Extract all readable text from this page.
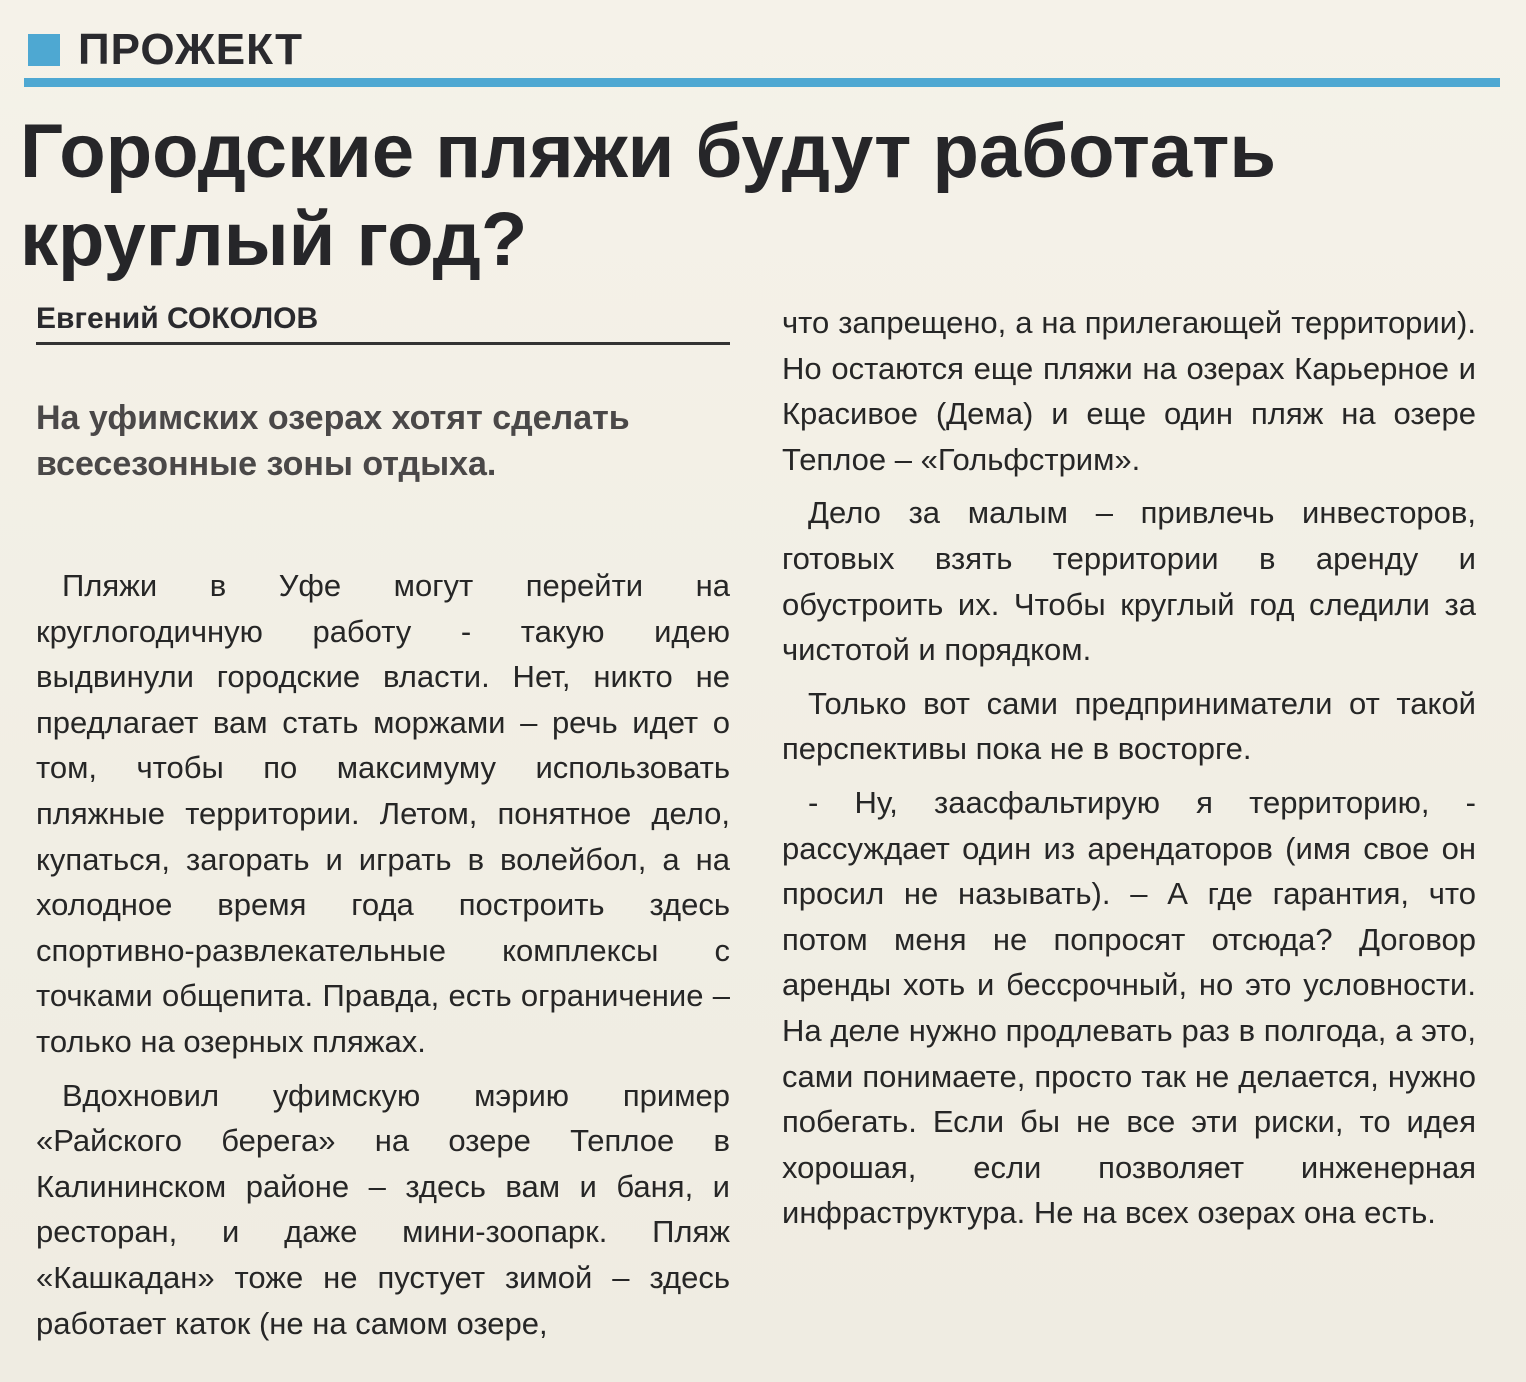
ПРОЖЕКТ
Городские пляжи будут работать круглый год?
Евгений СОКОЛОВ
На уфимских озерах хотят сделать всесезонные зоны отдыха.

Пляжи в Уфе могут перейти на круглогодичную работу - такую идею выдвинули городские власти. Нет, никто не предлагает вам стать моржами – речь идет о том, чтобы по максимуму использовать пляжные территории. Летом, понятное дело, купаться, загорать и играть в волейбол, а на холодное время года построить здесь спортивно-развлекательные комплексы с точками общепита. Правда, есть ограничение – только на озерных пляжах.

Вдохновил уфимскую мэрию пример «Райского берега» на озере Теплое в Калининском районе – здесь вам и баня, и ресторан, и даже мини-зоопарк. Пляж «Кашкадан» тоже не пустует зимой – здесь работает каток (не на самом озере,

что запрещено, а на прилегающей территории). Но остаются еще пляжи на озерах Карьерное и Красивое (Дема) и еще один пляж на озере Теплое – «Гольфстрим».

Дело за малым – привлечь инвесторов, готовых взять территории в аренду и обустроить их. Чтобы круглый год следили за чистотой и порядком.

Только вот сами предприниматели от такой перспективы пока не в восторге.

- Ну, заасфальтирую я территорию, - рассуждает один из арендаторов (имя свое он просил не называть). – А где гарантия, что потом меня не попросят отсюда? Договор аренды хоть и бессрочный, но это условности. На деле нужно продлевать раз в полгода, а это, сами понимаете, просто так не делается, нужно побегать. Если бы не все эти риски, то идея хорошая, если позволяет инженерная инфраструктура. Не на всех озерах она есть.
